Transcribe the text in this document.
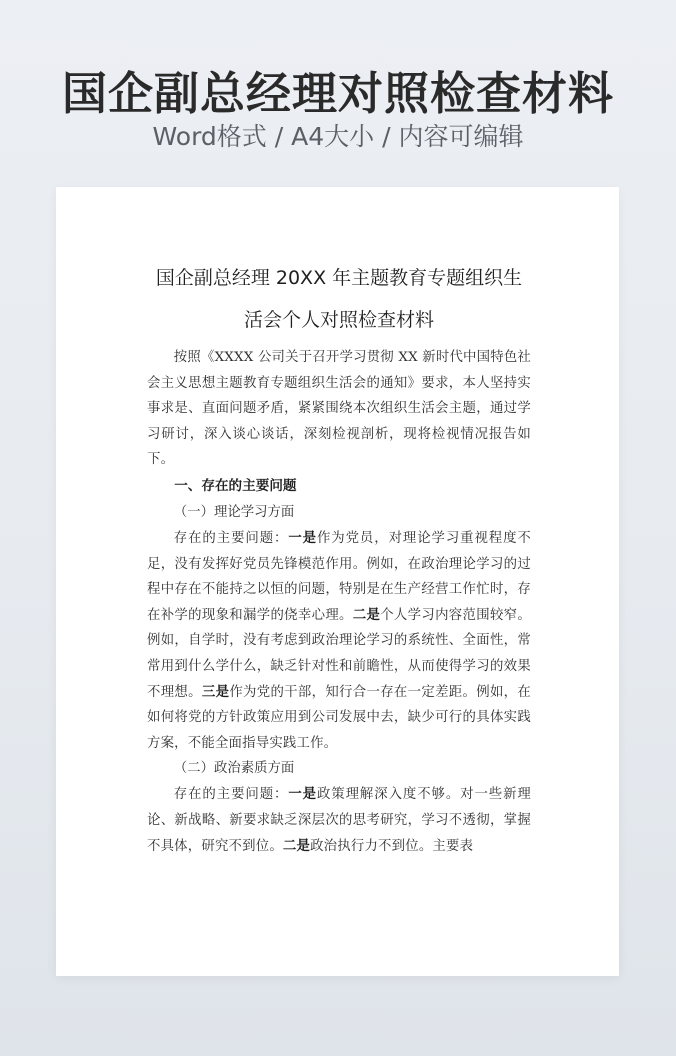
国企副总经理对照检查材料
Word格式 / A4大小 / 内容可编辑

国企副总经理 20XX 年主题教育专题组织生

活会个人对照检查材料

按照《XXXX 公司关于召开学习贯彻 XX 新时代中国特色社会主义思想主题教育专题组织生活会的通知》要求，本人坚持实事求是、直面问题矛盾，紧紧围绕本次组织生活会主题，通过学习研讨，深入谈心谈话，深刻检视剖析，现将检视情况报告如下。

一、存在的主要问题

（一）理论学习方面

存在的主要问题：一是作为党员，对理论学习重视程度不足，没有发挥好党员先锋模范作用。例如，在政治理论学习的过程中存在不能持之以恒的问题，特别是在生产经营工作忙时，存在补学的现象和漏学的侥幸心理。二是个人学习内容范围较窄。例如，自学时，没有考虑到政治理论学习的系统性、全面性，常常用到什么学什么，缺乏针对性和前瞻性，从而使得学习的效果不理想。三是作为党的干部，知行合一存在一定差距。例如，在如何将党的方针政策应用到公司发展中去，缺少可行的具体实践方案，不能全面指导实践工作。

（二）政治素质方面

存在的主要问题：一是政策理解深入度不够。对一些新理论、新战略、新要求缺乏深层次的思考研究，学习不透彻，掌握不具体，研究不到位。二是政治执行力不到位。主要表
